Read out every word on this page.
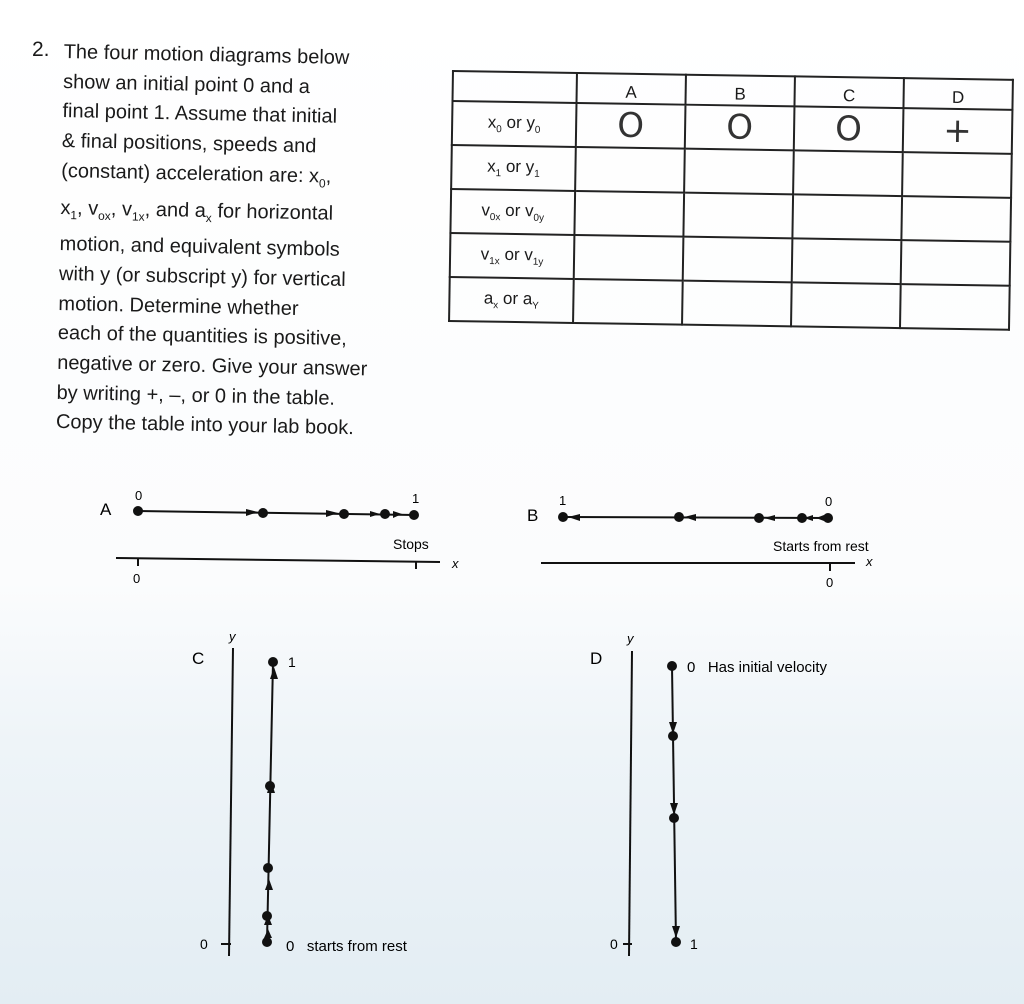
2. The four motion diagrams below
show an initial point 0 and a
final point 1. Assume that initial
& final positions, speeds and
(constant) acceleration are: $x_0$,
$x_1$, $v_{ox}$, $v_{1x}$, and $a_x$ for horizontal
motion, and equivalent symbols
with y (or subscript y) for vertical
motion. Determine whether
each of the quantities is positive,
negative or zero. Give your answer
by writing +, –, or 0 in the table.
Copy the table into your lab book.
	A	B	C	D
$x_0$ or $y_0$	O	O	O	+
$x_1$ or $y_1$				
$v_{0x}$ or $v_{0y}$				
$v_{1x}$ or $v_{1y}$				
$a_x$ or $a_Y$				
A
0	1
Stops
x
0
B
1	0
Starts from rest
x
0
C
y
0
1
0   starts from rest
D
y
0
0   Has initial velocity
1
